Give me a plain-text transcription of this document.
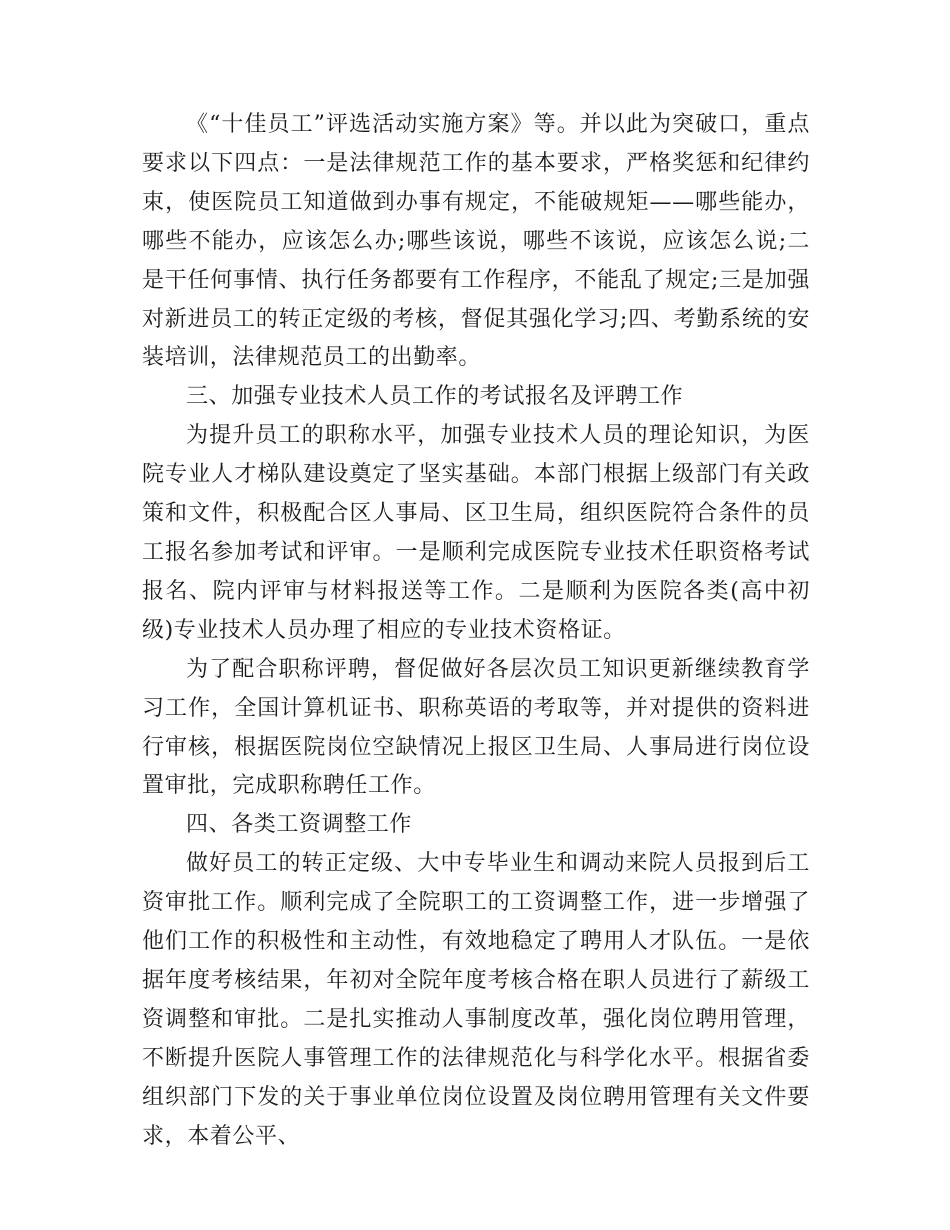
《“十佳员工”评选活动实施方案》等。并以此为突破口，重点要求以下四点：一是法律规范工作的基本要求，严格奖惩和纪律约束，使医院员工知道做到办事有规定，不能破规矩——哪些能办，哪些不能办，应该怎么办;哪些该说，哪些不该说，应该怎么说;二是干任何事情、执行任务都要有工作程序，不能乱了规定;三是加强对新进员工的转正定级的考核，督促其强化学习;四、考勤系统的安装培训，法律规范员工的出勤率。

三、加强专业技术人员工作的考试报名及评聘工作

为提升员工的职称水平，加强专业技术人员的理论知识，为医院专业人才梯队建设奠定了坚实基础。本部门根据上级部门有关政策和文件，积极配合区人事局、区卫生局，组织医院符合条件的员工报名参加考试和评审。一是顺利完成医院专业技术任职资格考试报名、院内评审与材料报送等工作。二是顺利为医院各类(高中初级)专业技术人员办理了相应的专业技术资格证。

为了配合职称评聘，督促做好各层次员工知识更新继续教育学习工作，全国计算机证书、职称英语的考取等，并对提供的资料进行审核，根据医院岗位空缺情况上报区卫生局、人事局进行岗位设置审批，完成职称聘任工作。

四、各类工资调整工作

做好员工的转正定级、大中专毕业生和调动来院人员报到后工资审批工作。顺利完成了全院职工的工资调整工作，进一步增强了他们工作的积极性和主动性，有效地稳定了聘用人才队伍。一是依据年度考核结果，年初对全院年度考核合格在职人员进行了薪级工资调整和审批。二是扎实推动人事制度改革，强化岗位聘用管理，不断提升医院人事管理工作的法律规范化与科学化水平。根据省委组织部门下发的关于事业单位岗位设置及岗位聘用管理有关文件要求，本着公平、
